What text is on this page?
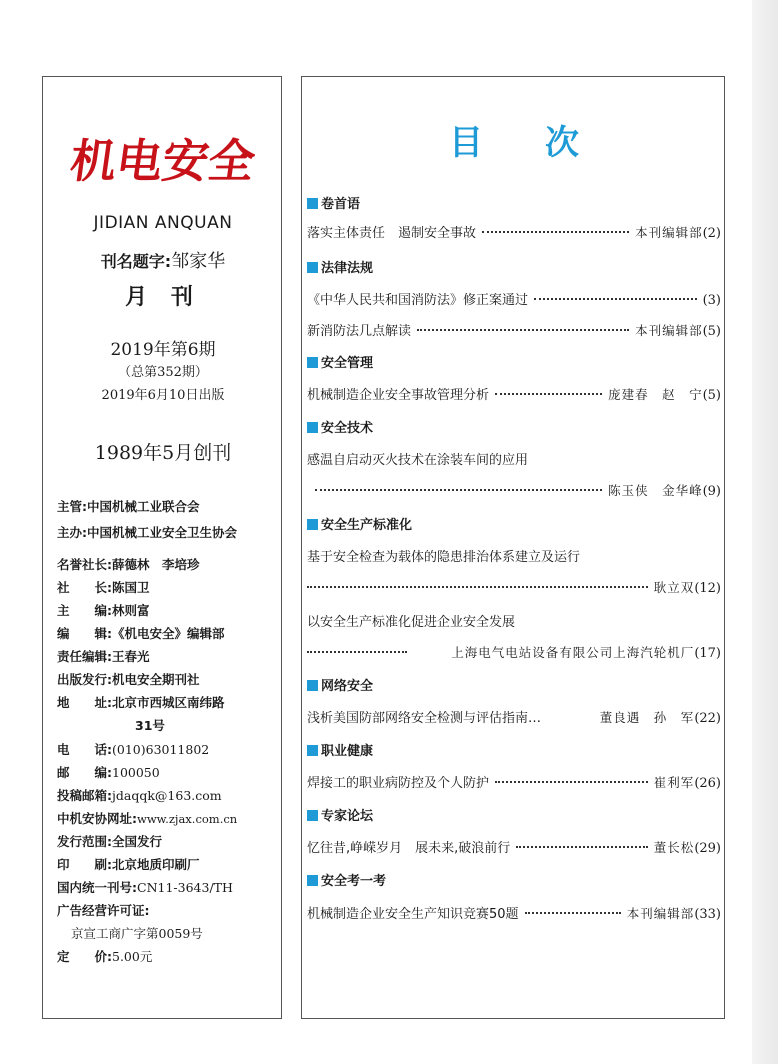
机电安全
JIDIAN ANQUAN
刊名题字:邹家华
月 刊
2019年第6期
（总第352期）
2019年6月10日出版
1989年5月创刊
主管:中国机械工业联合会
主办:中国机械工业安全卫生协会
名誉社长:薛德林　李培珍
社　　长:陈国卫
主　　编:林则富
编　　辑:《机电安全》编辑部
责任编辑:王春光
出版发行:机电安全期刊社
地　　址:北京市西城区南纬路
31号
电　　话:(010)63011802
邮　　编:100050
投稿邮箱:jdaqqk@163.com
中机安协网址:www.zjax.com.cn
发行范围:全国发行
印　　刷:北京地质印刷厂
国内统一刊号:CN11-3643/TH
广告经营许可证:
京宣工商广字第0059号
定　　价:5.00元
目 次
卷首语
落实主体责任　遏制安全事故	本刊编辑部 (2)
法律法规
《中华人民共和国消防法》修正案通过	(3)
新消防法几点解读	本刊编辑部 (5)
安全管理
机械制造企业安全事故管理分析	庞建春　赵　宁 (5)
安全技术
感温自启动灭火技术在涂装车间的应用
陈玉侠　金华峰 (9)
安全生产标准化
基于安全检查为载体的隐患排治体系建立及运行
耿立双 (12)
以安全生产标准化促进企业安全发展
上海电气电站设备有限公司上海汽轮机厂 (17)
网络安全
浅析美国防部网络安全检测与评估指南…	董良遇　孙　军 (22)
职业健康
焊接工的职业病防控及个人防护	崔利军 (26)
专家论坛
忆往昔,峥嵘岁月　展未来,破浪前行	董长松 (29)
安全考一考
机械制造企业安全生产知识竞赛50题	本刊编辑部 (33)
